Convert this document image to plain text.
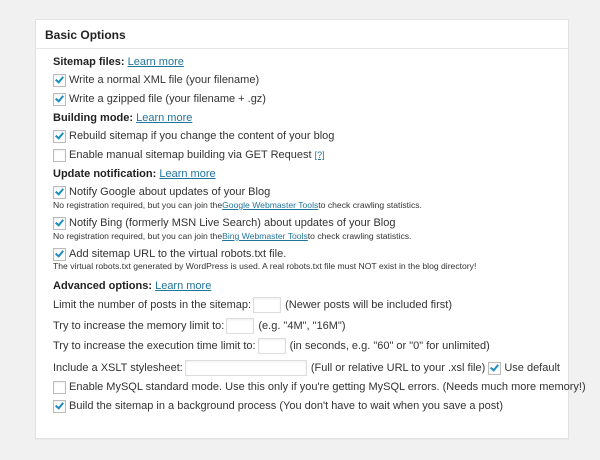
Basic Options
Sitemap files:
Learn more
Write a normal XML file (your filename)
Write a gzipped file (your filename + .gz)
Building mode:
Learn more
Rebuild sitemap if you change the content of your blog
Enable manual sitemap building via GET Request
[?]
Update notification:
Learn more
Notify Google about updates of your Blog
No registration required, but you can join the Google Webmaster Tools to check crawling statistics.
Notify Bing (formerly MSN Live Search) about updates of your Blog
No registration required, but you can join the Bing Webmaster Tools to check crawling statistics.
Add sitemap URL to the virtual robots.txt file.
The virtual robots.txt generated by WordPress is used. A real robots.txt file must NOT exist in the blog directory!
Advanced options:
Learn more
Limit the number of posts in the sitemap:	(Newer posts will be included first)
Try to increase the memory limit to:	(e.g. "4M", "16M")
Try to increase the execution time limit to:	(in seconds, e.g. "60" or "0" for unlimited)
Include a XSLT stylesheet:	(Full or relative URL to your .xsl file)
Use default
Enable MySQL standard mode. Use this only if you're getting MySQL errors. (Needs much more memory!)
Build the sitemap in a background process (You don't have to wait when you save a post)
